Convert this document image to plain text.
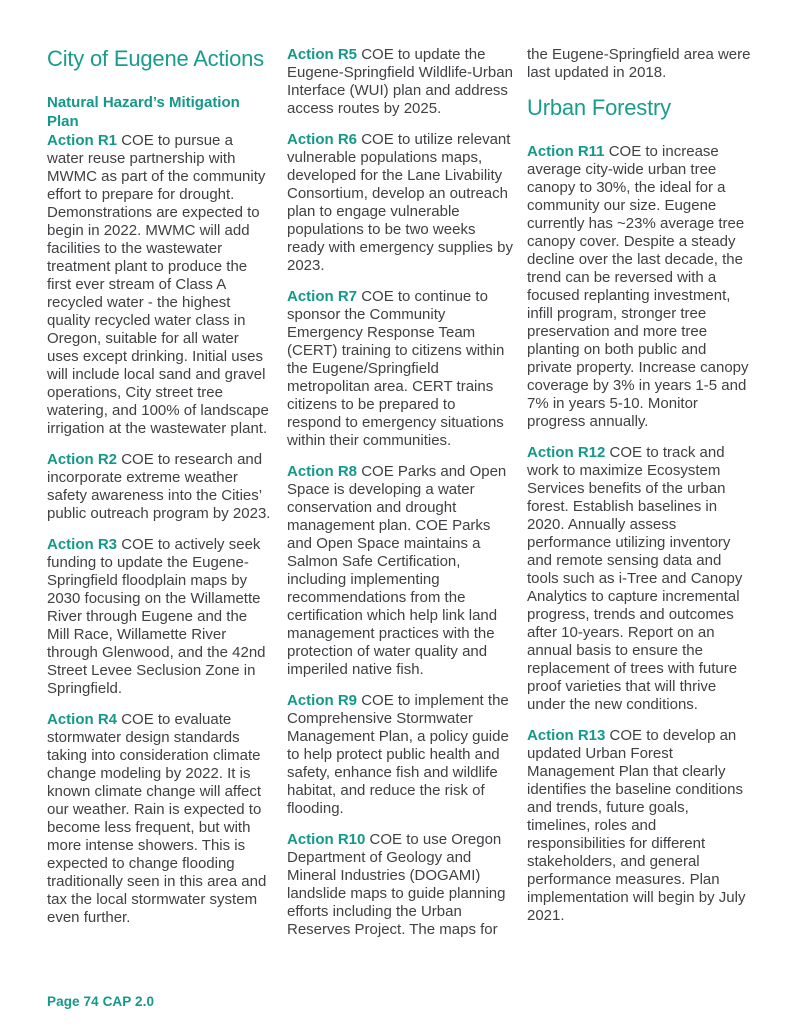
City of Eugene Actions
Natural Hazard’s Mitigation Plan

Action R1 COE to pursue a water reuse partnership with MWMC as part of the community effort to prepare for drought. Demonstrations are expected to begin in 2022. MWMC will add facilities to the wastewater treatment plant to produce the first ever stream of Class A recycled water - the highest quality recycled water class in Oregon, suitable for all water uses except drinking. Initial uses will include local sand and gravel operations, City street tree watering, and 100% of landscape irrigation at the wastewater plant.

Action R2 COE to research and incorporate extreme weather safety awareness into the Cities’ public outreach program by 2023.

Action R3 COE to actively seek funding to update the Eugene-Springfield floodplain maps by 2030 focusing on the Willamette River through Eugene and the Mill Race, Willamette River through Glenwood, and the 42nd Street Levee Seclusion Zone in Springfield.

Action R4 COE to evaluate stormwater design standards taking into consideration climate change modeling by 2022. It is known climate change will affect our weather. Rain is expected to become less frequent, but with more intense showers. This is expected to change flooding traditionally seen in this area and tax the local stormwater system even further.

Action R5 COE to update the Eugene-Springfield Wildlife-Urban Interface (WUI) plan and address access routes by 2025.

Action R6 COE to utilize relevant vulnerable populations maps, developed for the Lane Livability Consortium, develop an outreach plan to engage vulnerable populations to be two weeks ready with emergency supplies by 2023.

Action R7 COE to continue to sponsor the Community Emergency Response Team (CERT) training to citizens within the Eugene/Springfield metropolitan area. CERT trains citizens to be prepared to respond to emergency situations within their communities.

Action R8 COE Parks and Open Space is developing a water conservation and drought management plan. COE Parks and Open Space maintains a Salmon Safe Certification, including implementing recommendations from the certification which help link land management practices with the protection of water quality and imperiled native fish.

Action R9 COE to implement the Comprehensive Stormwater Management Plan, a policy guide to help protect public health and safety, enhance fish and wildlife habitat, and reduce the risk of flooding.

Action R10 COE to use Oregon Department of Geology and Mineral Industries (DOGAMI) landslide maps to guide planning efforts including the Urban Reserves Project. The maps for

the Eugene-Springfield area were last updated in 2018.

Urban Forestry

Action R11 COE to increase average city-wide urban tree canopy to 30%, the ideal for a community our size. Eugene currently has ~23% average tree canopy cover. Despite a steady decline over the last decade, the trend can be reversed with a focused replanting investment, infill program, stronger tree preservation and more tree planting on both public and private property. Increase canopy coverage by 3% in years 1-5 and 7% in years 5-10. Monitor progress annually.

Action R12 COE to track and work to maximize Ecosystem Services benefits of the urban forest. Establish baselines in 2020. Annually assess performance utilizing inventory and remote sensing data and tools such as i-Tree and Canopy Analytics to capture incremental progress, trends and outcomes after 10-years. Report on an annual basis to ensure the replacement of trees with future proof varieties that will thrive under the new conditions.

Action R13 COE to develop an updated Urban Forest Management Plan that clearly identifies the baseline conditions and trends, future goals, timelines, roles and responsibilities for different stakeholders, and general performance measures. Plan implementation will begin by July 2021.

Page 74 CAP 2.0
